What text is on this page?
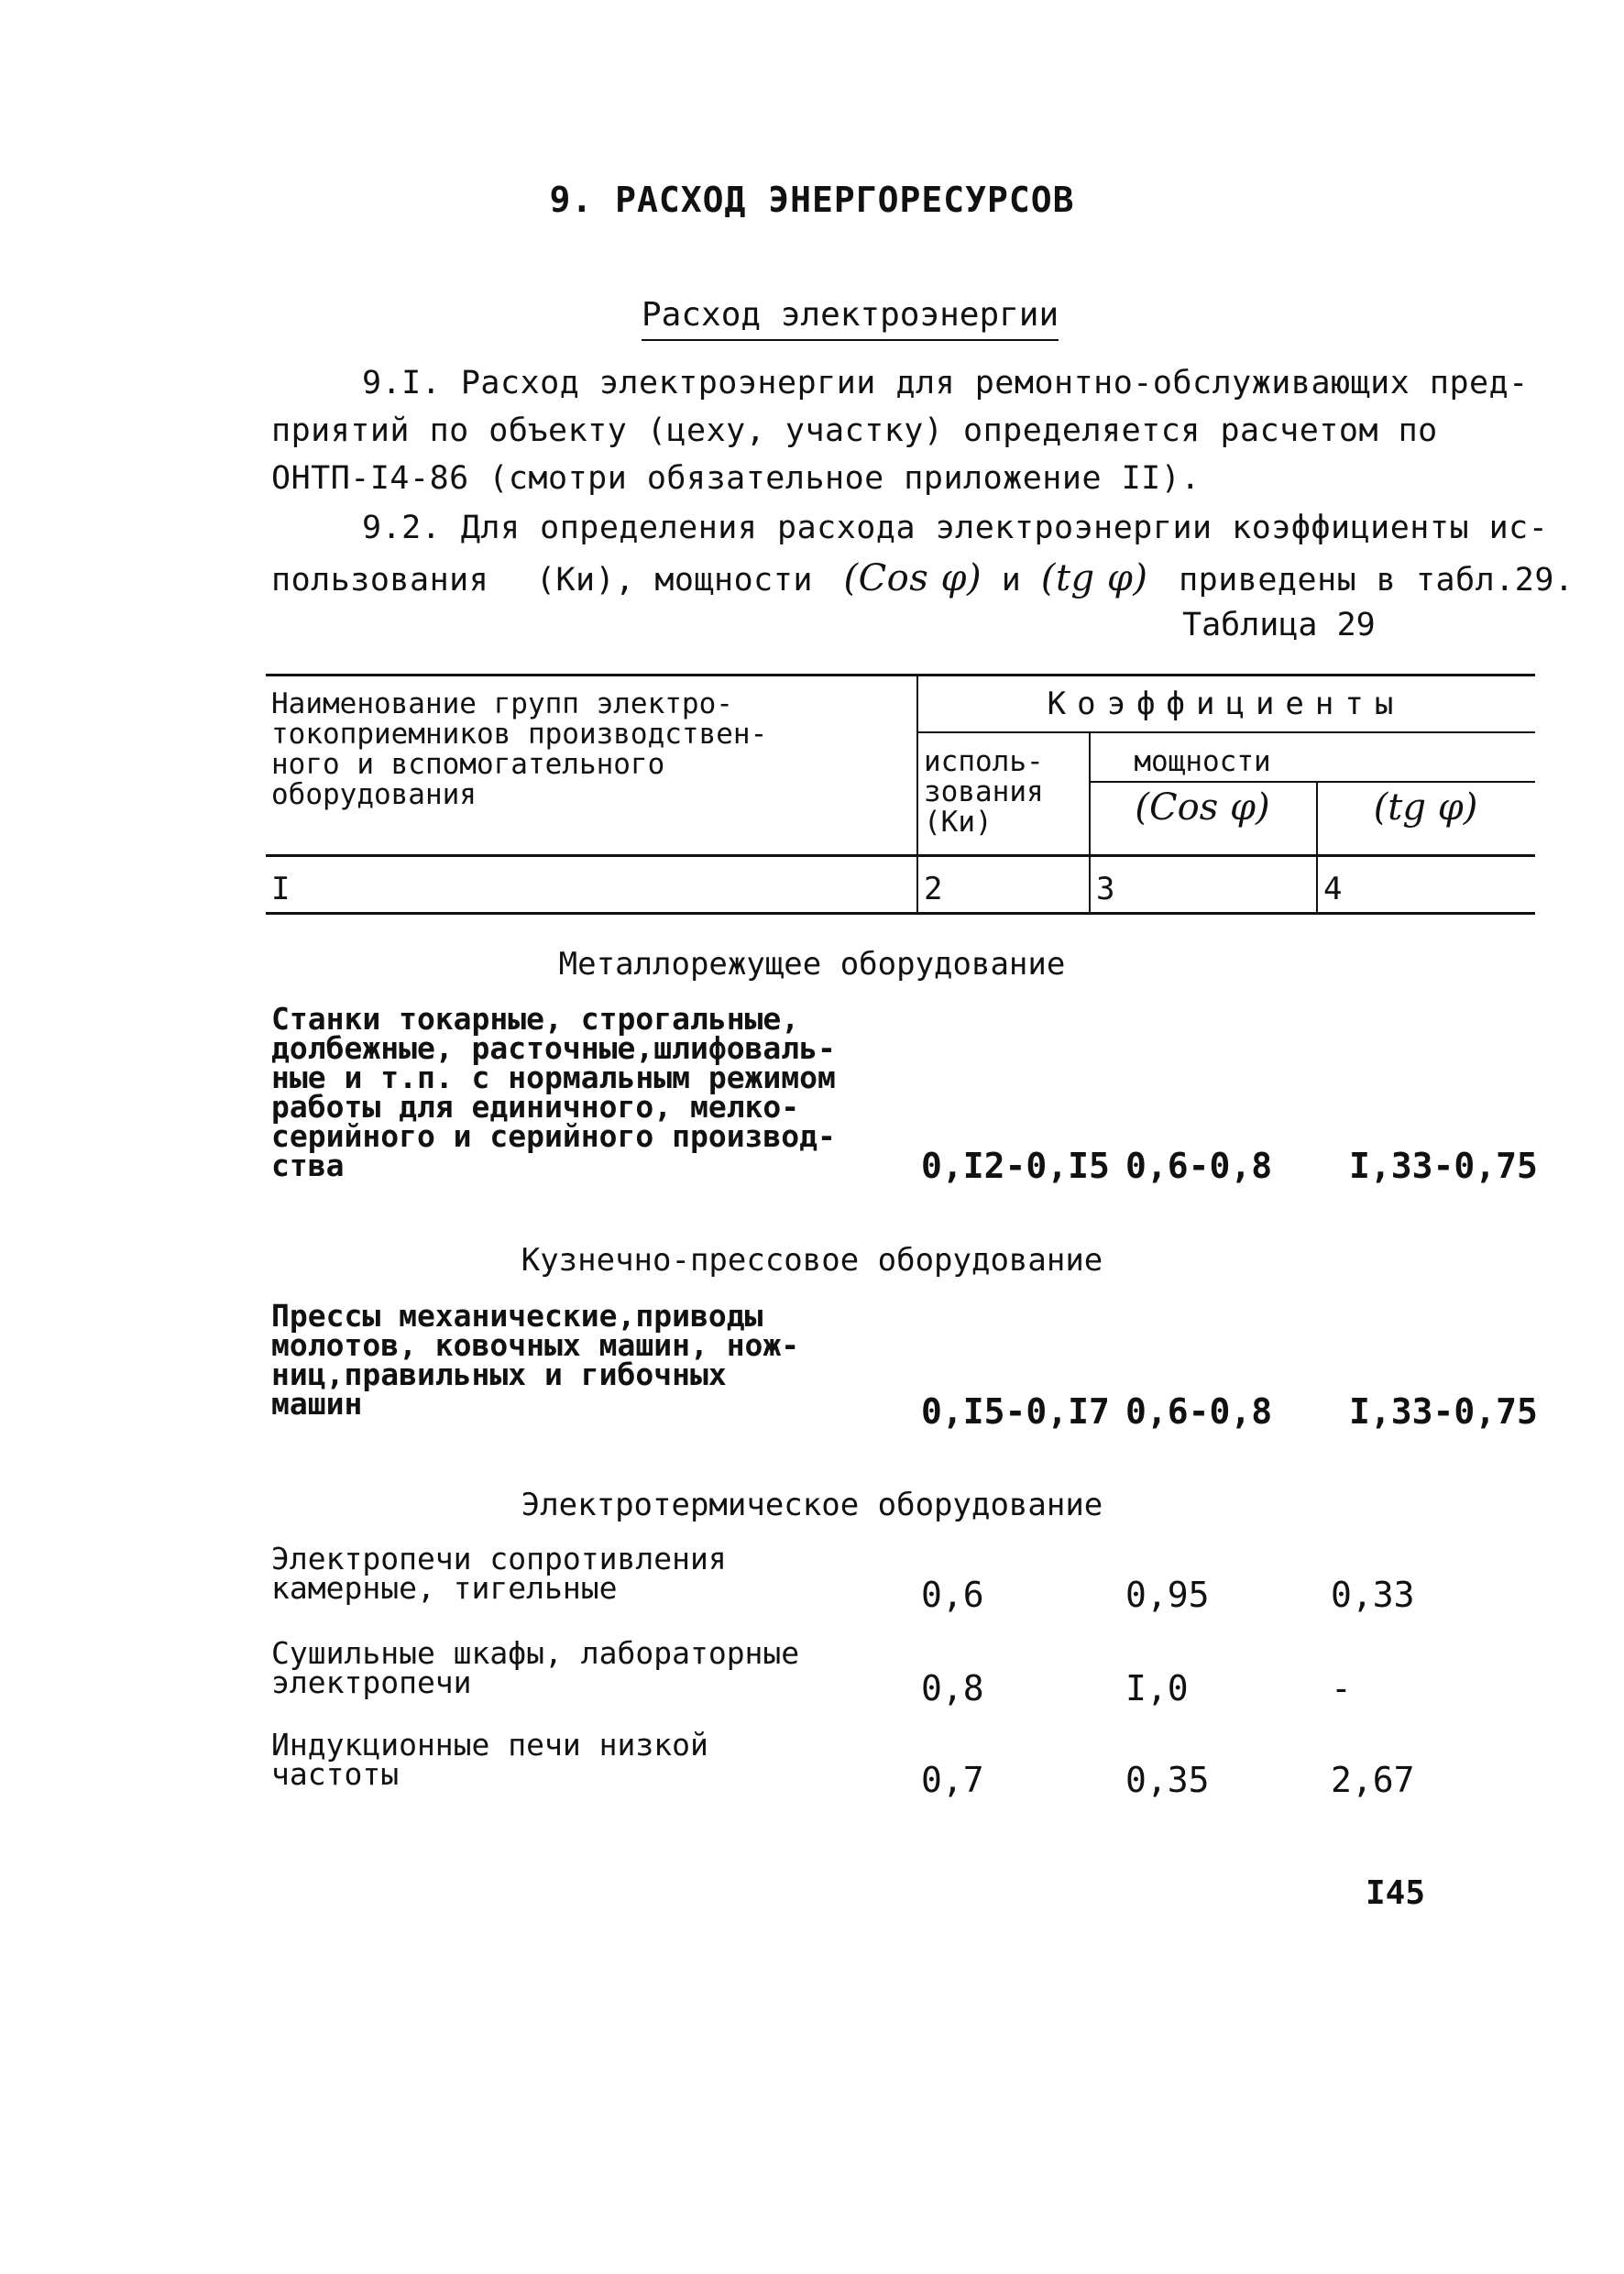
9. РАСХОД ЭНЕРГОРЕСУРСОВ
Расход электроэнергии
9.I. Расход электроэнергии для ремонтно-обслуживающих пред-
приятий по объекту (цеху, участку) определяется расчетом по
ОНТП-I4-86 (смотри обязательное приложение II).
9.2. Для определения расхода электроэнергии коэффициенты ис-
пользования (Ки), мощности (Cos φ) и (tg φ) приведены в табл.29.
Таблица 29
Наименование групп электро-
токоприемников производствен-
ного и вспомогательного
оборудования
Коэффициенты
исполь-
зования
(Ки)
мощности
(Cos φ)	(tg φ)
I	2	3	4
Металлорежущее оборудование
Станки токарные, строгальные,
долбежные, расточные,шлифоваль-
ные и т.п. с нормальным режимом
работы для единичного, мелко-
серийного и серийного производ-
ства	0,I2-0,I5 0,6-0,8 I,33-0,75
Кузнечно-прессовое оборудование
Прессы механические,приводы
молотов, ковочных машин, нож-
ниц,правильных и гибочных
машин	0,I5-0,I7 0,6-0,8 I,33-0,75
Электротермическое оборудование
Электропечи сопротивления
камерные, тигельные	0,6	0,95	0,33
Сушильные шкафы, лабораторные
электропечи	0,8	I,0	-
Индукционные печи низкой
частоты	0,7	0,35	2,67
I45
